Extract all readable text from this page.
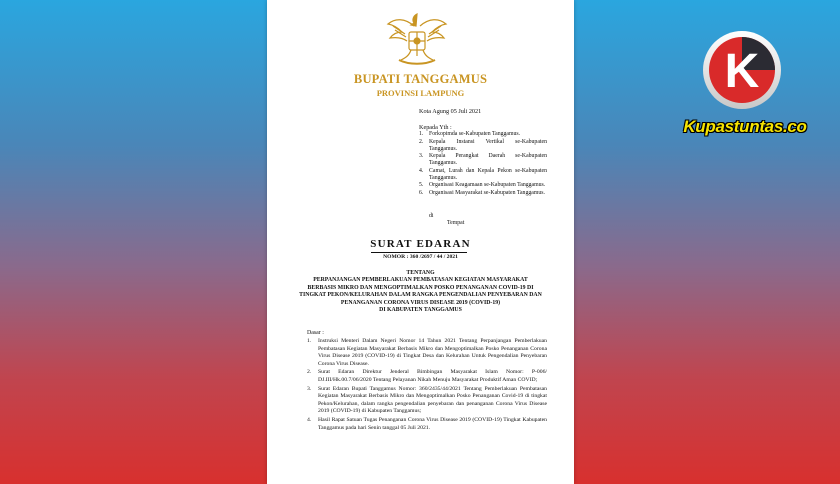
BUPATI TANGGAMUS
PROVINSI LAMPUNG
Kota Agung 05 Juli 2021
Kepada Yth :
1. Forkopimda se-Kabupaten Tanggamus.
2. Kepala Instansi Vertikal se-Kabupaten Tanggamus.
3. Kepala Perangkat Daerah se-Kabupaten Tanggamus.
4. Camat, Lurah dan Kepala Pekon se-Kabupaten Tanggamus.
5. Organisasi Keagamaan se-Kabupaten Tanggamus.
6. Organisasi Masyarakat se-Kabupaten Tanggamus.
di
Tempat
SURAT EDARAN
NOMOR : 360 /2697 / 44 / 2021
TENTANG
PERPANJANGAN PEMBERLAKUAN PEMBATASAN KEGIATAN MASYARAKAT
BERBASIS MIKRO DAN MENGOPTIMALKAN POSKO PENANGANAN COVID-19 DI
TINGKAT PEKON/KELURAHAN DALAM RANGKA PENGENDALIAN PENYEBARAN DAN
PENANGANAN CORONA VIRUS DISEASE 2019 (COVID-19)
DI KABUPATEN TANGGAMUS
Dasar :
1.	Instruksi Menteri Dalam Negeri Nomor 14 Tahun 2021 Tentang Perpanjangan Pemberlakuan Pembatasan Kegiatan Masyarakat Berbasis Mikro dan Mengoptimalkan Posko Penanganan Corona Virus Disease 2019 (COVID-19) di Tingkat Desa dan Kelurahan Untuk Pengendalian Penyebaran Corona Virus Disease.
2.	Surat Edaran Direktur Jenderal Bimbingan Masyarakat Islam Nomor: P-006/ DJ.III/Hk.00.7/06/2020 Tentang Pelayanan Nikah Menuju Masyarakat Produktif Aman COVID;
3.	Surat Edaran Bupati Tanggamus Nomor: 360/2435/44/2021 Tentang Pemberlakuan Pembatasan Kegiatan Masyarakat Berbasis Mikro dan Mengoptimalkan Posko Penanganan Covid-19 di tingkat Pekon/Kelurahan, dalam rangka pengendalian penyebaran dan penanganan Corona Virus Disease 2019 (COVID-19) di Kabupaten Tanggamus;
4.	Hasil Rapat Satuan Tugas Penanganan Corona Virus Disease 2019 (COVID-19) Tingkat Kabupaten Tanggamus pada hari Senin tanggal 05 Juli 2021.
K
Kupastuntas.co
